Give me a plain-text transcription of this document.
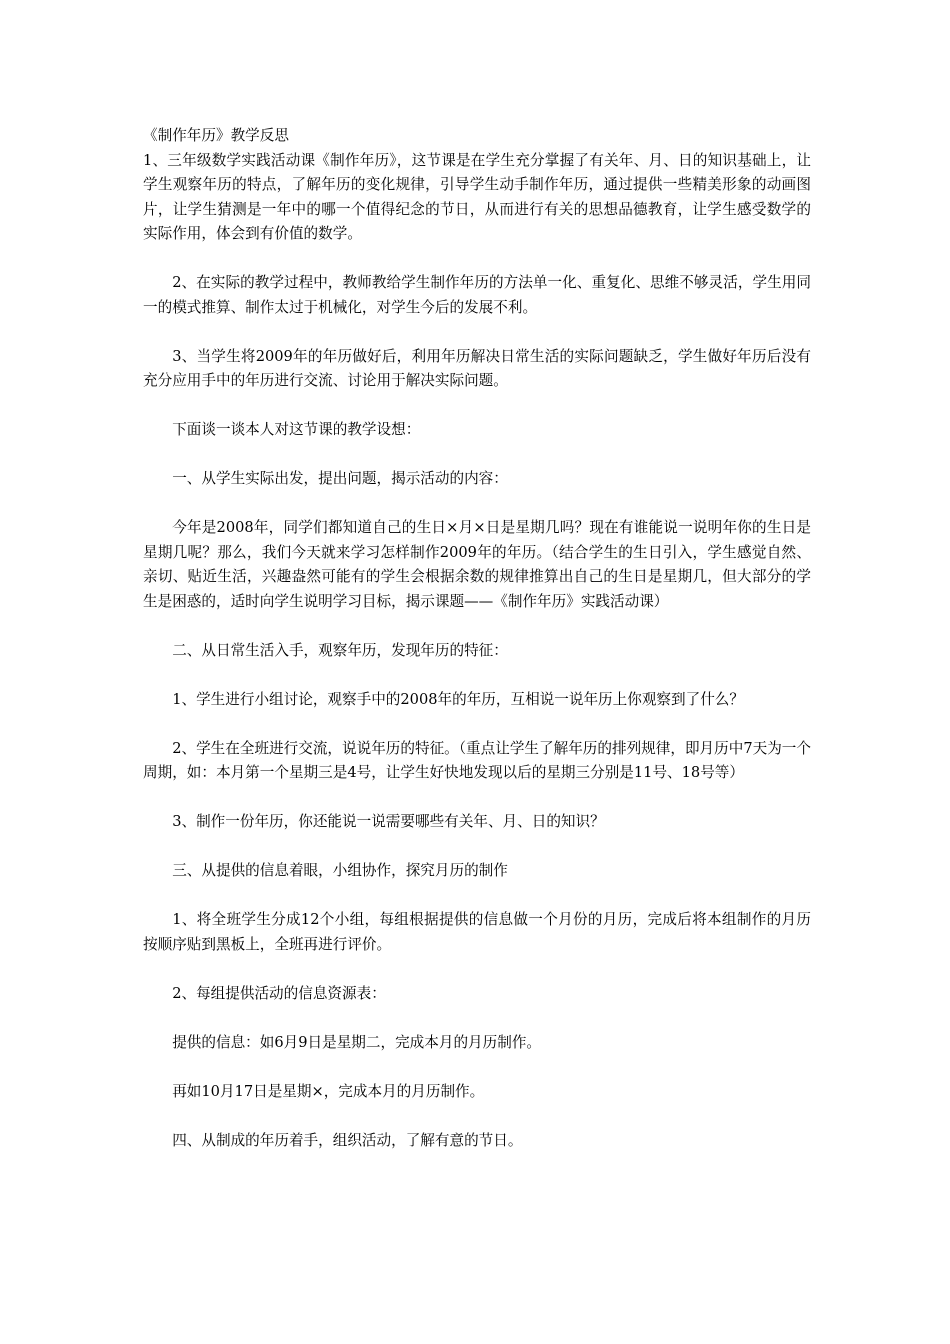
《制作年历》教学反思

1、三年级数学实践活动课《制作年历》，这节课是在学生充分掌握了有关年、月、日的知识基础上，让学生观察年历的特点，了解年历的变化规律，引导学生动手制作年历，通过提供一些精美形象的动画图片，让学生猜测是一年中的哪一个值得纪念的节日，从而进行有关的思想品德教育，让学生感受数学的实际作用，体会到有价值的数学。

2、在实际的教学过程中，教师教给学生制作年历的方法单一化、重复化、思维不够灵活，学生用同一的模式推算、制作太过于机械化，对学生今后的发展不利。

3、当学生将2009年的年历做好后，利用年历解决日常生活的实际问题缺乏，学生做好年历后没有充分应用手中的年历进行交流、讨论用于解决实际问题。

下面谈一谈本人对这节课的教学设想：

一、从学生实际出发，提出问题，揭示活动的内容：

今年是2008年，同学们都知道自己的生日×月×日是星期几吗？现在有谁能说一说明年你的生日是星期几呢？那么，我们今天就来学习怎样制作2009年的年历。（结合学生的生日引入，学生感觉自然、亲切、贴近生活，兴趣盎然可能有的学生会根据余数的规律推算出自己的生日是星期几，但大部分的学生是困惑的，适时向学生说明学习目标，揭示课题——《制作年历》实践活动课）

二、从日常生活入手，观察年历，发现年历的特征：

1、学生进行小组讨论，观察手中的2008年的年历，互相说一说年历上你观察到了什么？

2、学生在全班进行交流，说说年历的特征。（重点让学生了解年历的排列规律，即月历中7天为一个周期，如：本月第一个星期三是4号，让学生好快地发现以后的星期三分别是11号、18号等）

3、制作一份年历，你还能说一说需要哪些有关年、月、日的知识？

三、从提供的信息着眼，小组协作，探究月历的制作

1、将全班学生分成12个小组，每组根据提供的信息做一个月份的月历，完成后将本组制作的月历按顺序贴到黑板上，全班再进行评价。

2、每组提供活动的信息资源表：

提供的信息：如6月9日是星期二，完成本月的月历制作。

再如10月17日是星期×，完成本月的月历制作。

四、从制成的年历着手，组织活动，了解有意的节日。
